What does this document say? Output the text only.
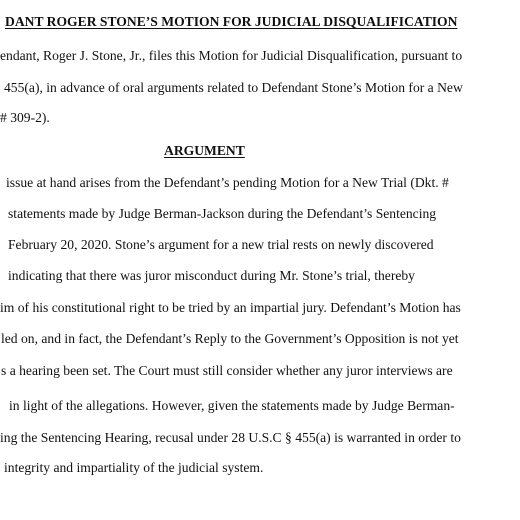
DANT ROGER STONE’S MOTION FOR JUDICIAL DISQUALIFICATION
endant, Roger J. Stone, Jr., files this Motion for Judicial Disqualification, pursuant to
455(a), in advance of oral arguments related to Defendant Stone’s Motion for a New
# 309-2).
ARGUMENT
issue at hand arises from the Defendant’s pending Motion for a New Trial (Dkt. #
statements made by Judge Berman-Jackson during the Defendant’s Sentencing
February 20, 2020. Stone’s argument for a new trial rests on newly discovered
indicating that there was juror misconduct during Mr. Stone’s trial, thereby
im of his constitutional right to be tried by an impartial jury. Defendant’s Motion has
led on, and in fact, the Defendant’s Reply to the Government’s Opposition is not yet
s a hearing been set. The Court must still consider whether any juror interviews are
in light of the allegations. However, given the statements made by Judge Berman-
ing the Sentencing Hearing, recusal under 28 U.S.C § 455(a) is warranted in order to
integrity and impartiality of the judicial system.
